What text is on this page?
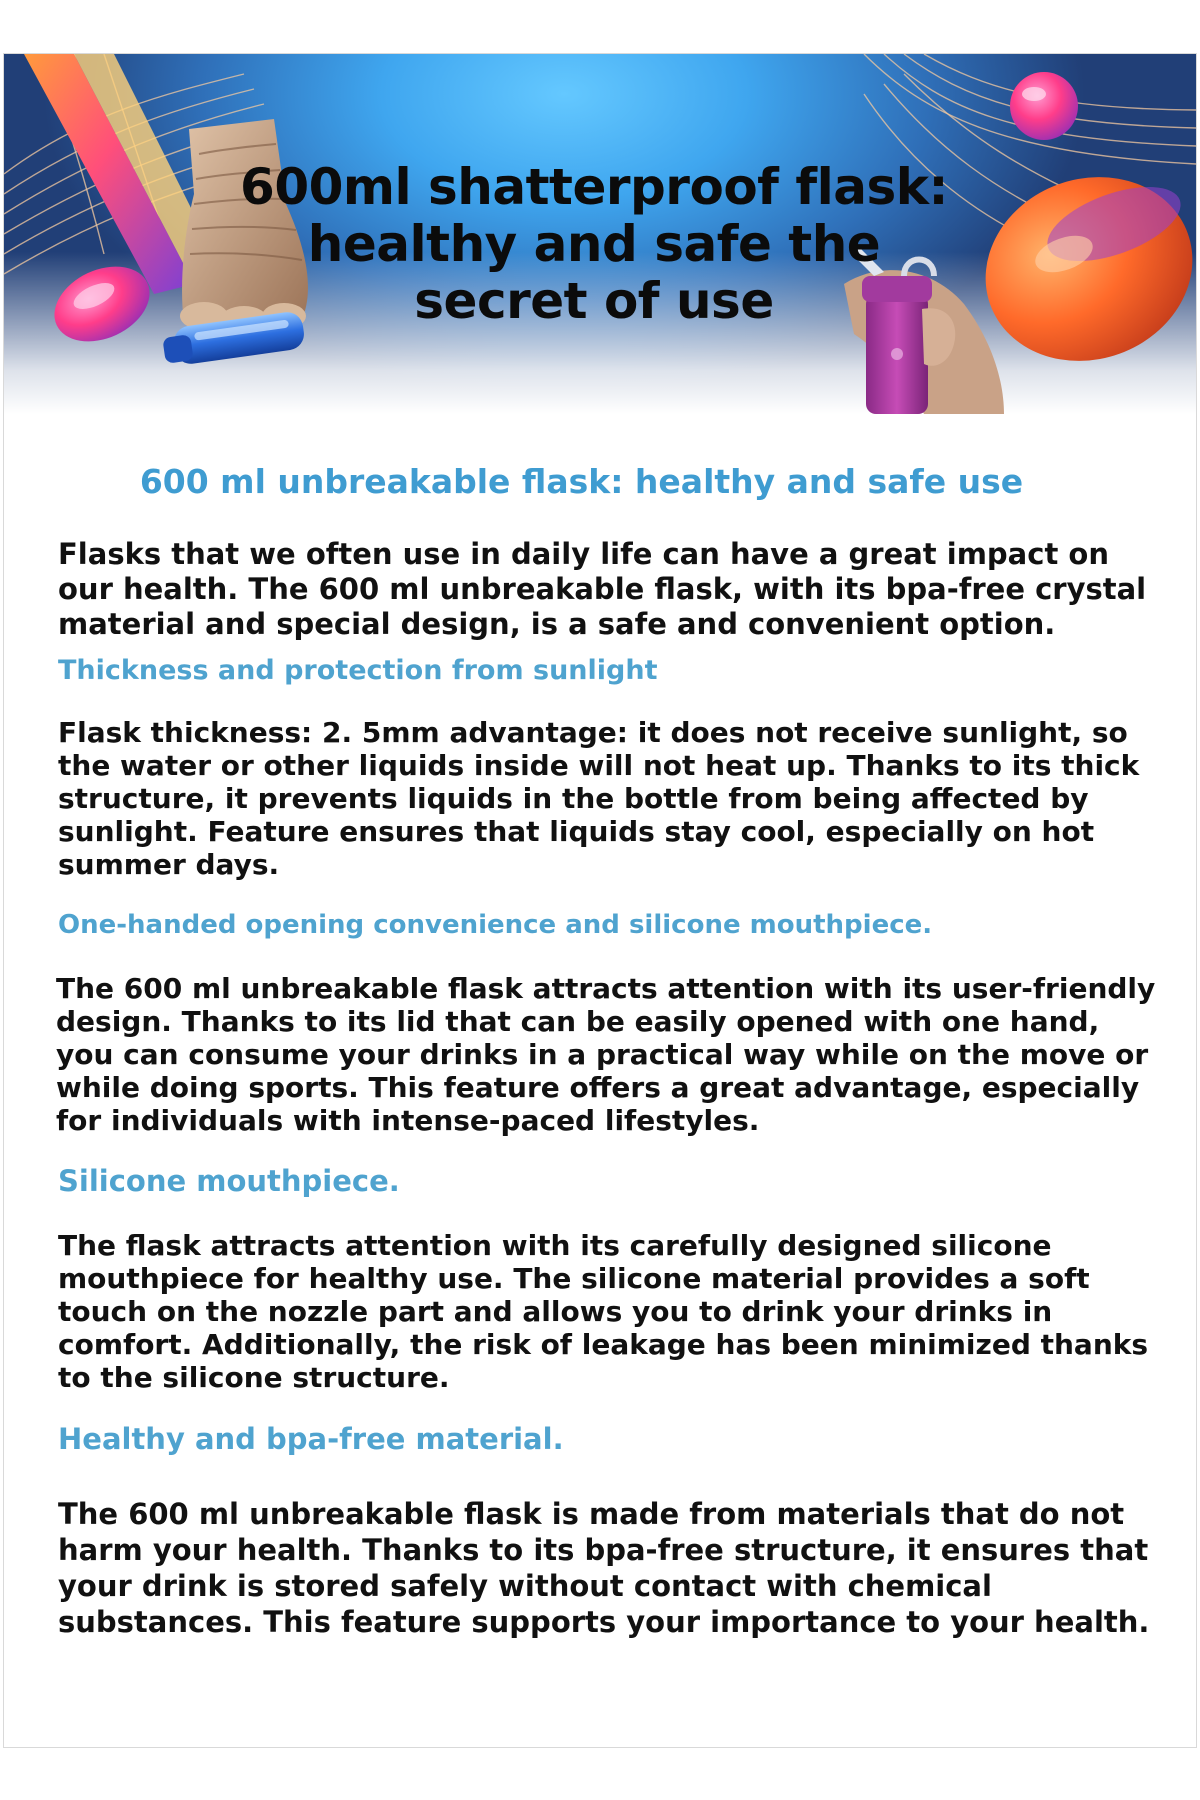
600ml shatterproof flask:
healthy and safe the
secret of use
600 ml unbreakable flask: healthy and safe use

Flasks that we often use in daily life can have a great impact on our health. The 600 ml unbreakable flask, with its bpa-free crystal material and special design, is a safe and convenient option.

Thickness and protection from sunlight

Flask thickness: 2. 5mm advantage: it does not receive sunlight, so the water or other liquids inside will not heat up. Thanks to its thick structure, it prevents liquids in the bottle from being affected by sunlight. Feature ensures that liquids stay cool, especially on hot summer days.

One-handed opening convenience and silicone mouthpiece.

The 600 ml unbreakable flask attracts attention with its user-friendly design. Thanks to its lid that can be easily opened with one hand, you can consume your drinks in a practical way while on the move or while doing sports. This feature offers a great advantage, especially for individuals with intense-paced lifestyles.

Silicone mouthpiece.

The flask attracts attention with its carefully designed silicone mouthpiece for healthy use. The silicone material provides a soft touch on the nozzle part and allows you to drink your drinks in comfort. Additionally, the risk of leakage has been minimized thanks to the silicone structure.

Healthy and bpa-free material.

The 600 ml unbreakable flask is made from materials that do not harm your health. Thanks to its bpa-free structure, it ensures that your drink is stored safely without contact with chemical substances. This feature supports your importance to your health.
